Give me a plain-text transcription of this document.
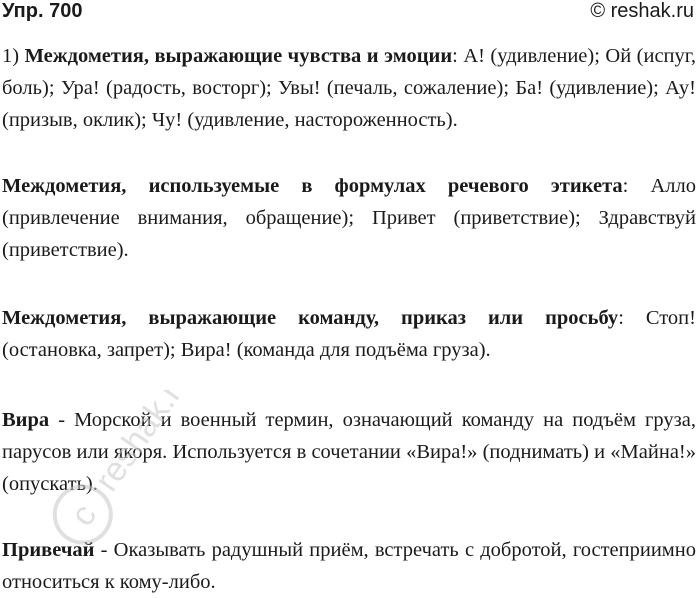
Упр. 700	© reshak.ru

1) Междометия, выражающие чувства и эмоции: А! (удивление); Ой (испуг, боль); Ура! (радость, восторг); Увы! (печаль, сожаление); Ба! (удивление); Ау! (призыв, оклик); Чу! (удивление, настороженность).

Междометия, используемые в формулах речевого этикета: Алло (привлечение внимания, обращение); Привет (приветствие); Здравствуй (приветствие).

Междометия, выражающие команду, приказ или просьбу: Стоп! (остановка, запрет); Вира! (команда для подъёма груза).

Вира - Морской и военный термин, означающий команду на подъём груза, парусов или якоря. Используется в сочетании «Вира!» (поднимать) и «Майна!» (опускать).

Привечай - Оказывать радушный приём, встречать с добротой, гостеприимно относиться к кому-либо.

c
reshak.ru
